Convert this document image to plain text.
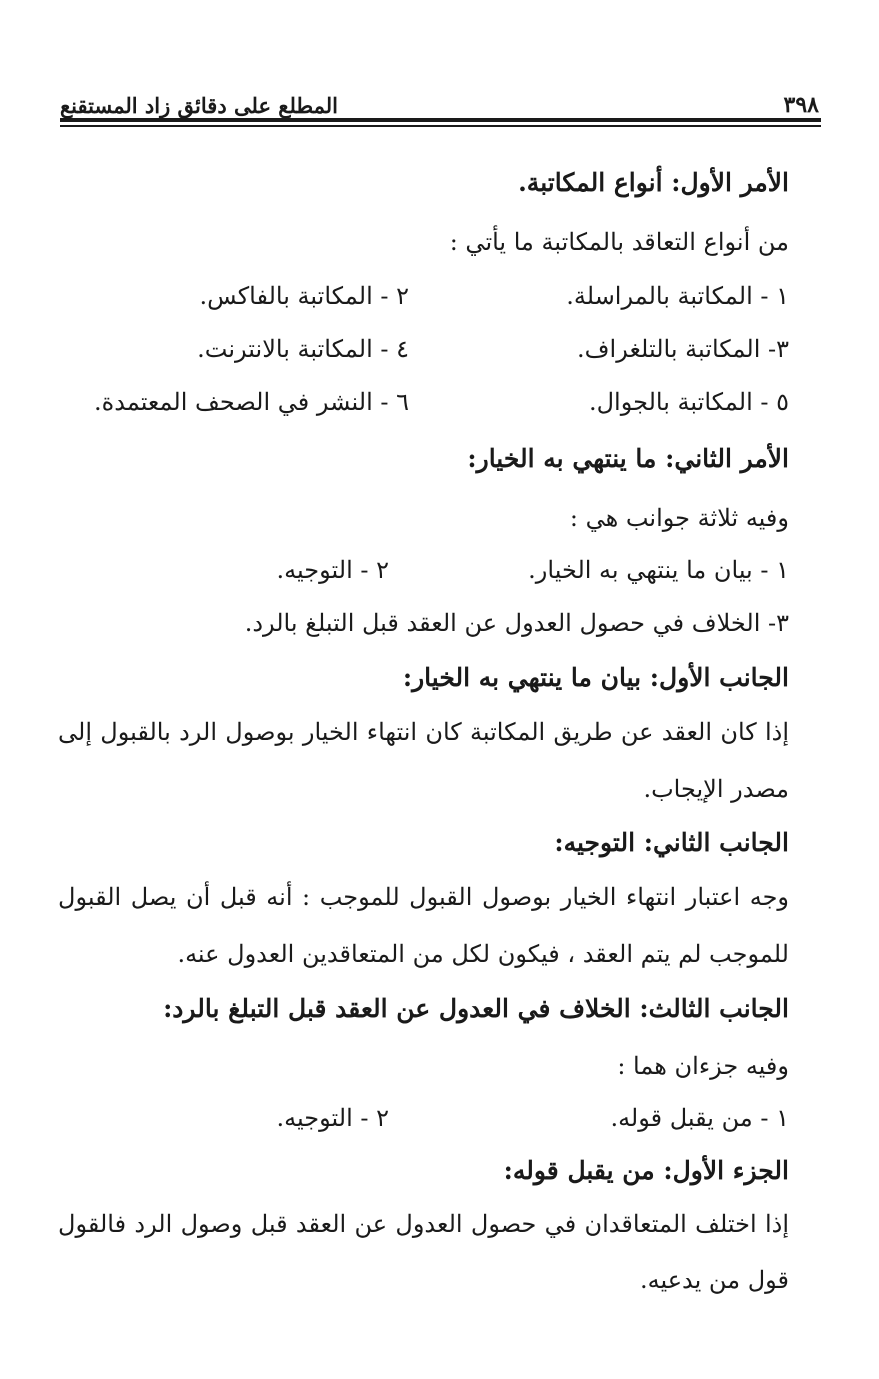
٣٩٨
المطلع على دقائق زاد المستقنع
الأمر الأول: أنواع المكاتبة.
من أنواع التعاقد بالمكاتبة ما يأتي :
١ - المكاتبة بالمراسلة.
٢ - المكاتبة بالفاكس.
٣- المكاتبة بالتلغراف.
٤ - المكاتبة بالانترنت.
٥ - المكاتبة بالجوال.
٦ - النشر في الصحف المعتمدة.
الأمر الثاني: ما ينتهي به الخيار:
وفيه ثلاثة جوانب هي :
١ - بيان ما ينتهي به الخيار.
٢ - التوجيه.
٣- الخلاف في حصول العدول عن العقد قبل التبلغ بالرد.
الجانب الأول: بيان ما ينتهي به الخيار:
إذا كان العقد عن طريق المكاتبة كان انتهاء الخيار بوصول الرد بالقبول إلى
مصدر الإيجاب.
الجانب الثاني: التوجيه:
وجه اعتبار انتهاء الخيار بوصول القبول للموجب : أنه قبل أن يصل القبول
للموجب لم يتم العقد ، فيكون لكل من المتعاقدين العدول عنه.
الجانب الثالث: الخلاف في العدول عن العقد قبل التبلغ بالرد:
وفيه جزءان هما :
١ - من يقبل قوله.
٢ - التوجيه.
الجزء الأول: من يقبل قوله:
إذا اختلف المتعاقدان في حصول العدول عن العقد قبل وصول الرد فالقول
قول من يدعيه.
